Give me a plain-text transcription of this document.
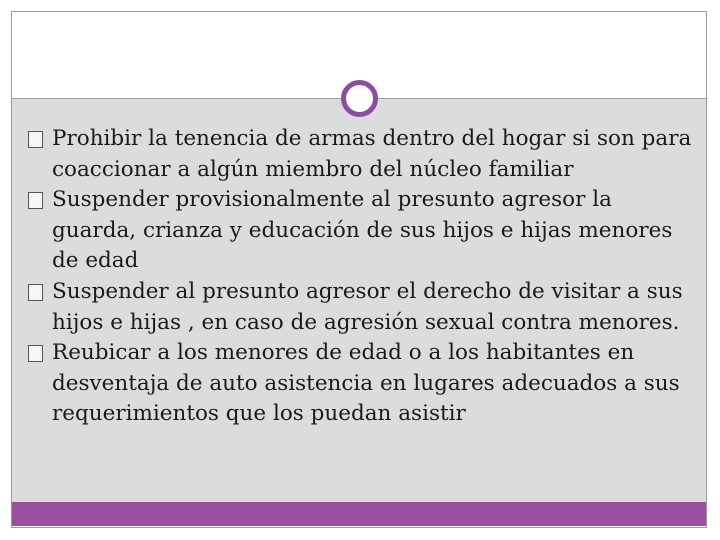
Prohibir la tenencia de armas dentro del hogar si son para coaccionar a algún miembro del núcleo familiar
Suspender provisionalmente al presunto agresor la guarda, crianza y educación de sus hijos e hijas menores de edad
Suspender al presunto agresor el derecho de visitar a sus hijos e hijas , en caso de agresión sexual contra menores.
Reubicar a los menores de edad o a los habitantes en desventaja de auto asistencia en lugares adecuados a sus requerimientos que los puedan asistir
